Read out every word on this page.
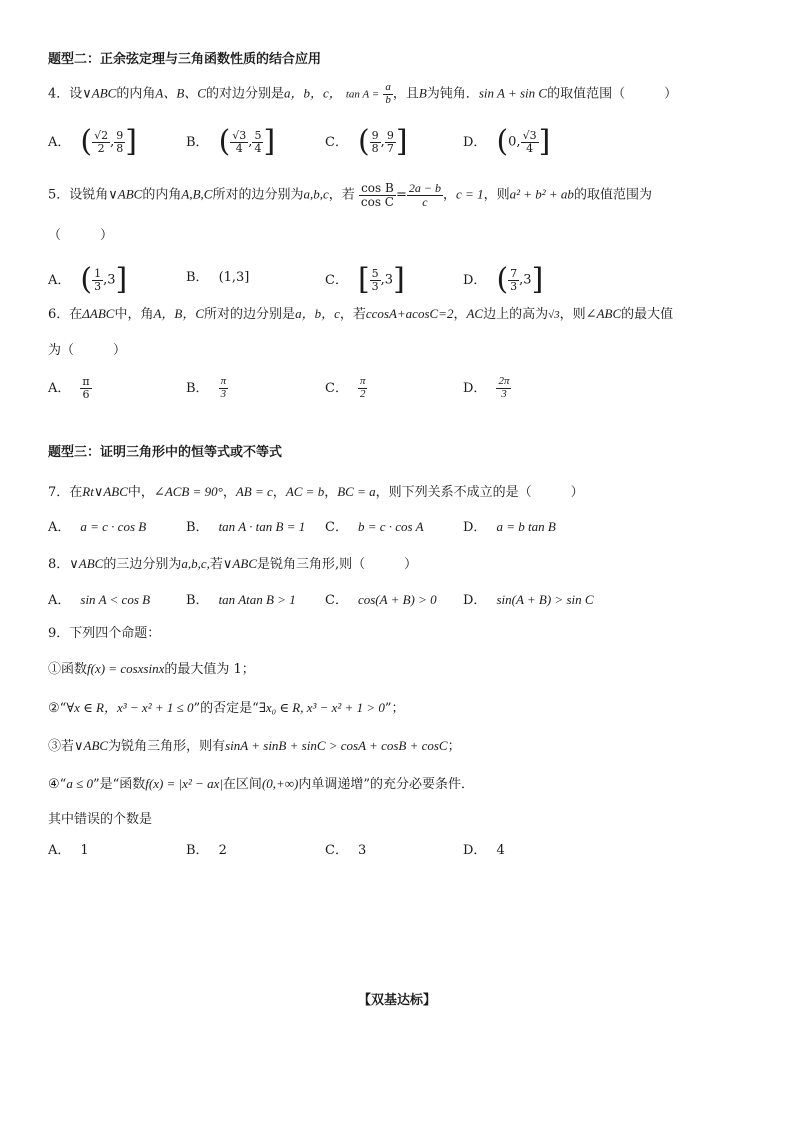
题型二：正余弦定理与三角函数性质的结合应用
4．设∨ABC的内角A、B、C的对边分别是a，b，c， $\tan A = \frac{a}{b}$ ，且B为钝角．sin A + sin C的取值范围（　　　）
A． ( $\frac{√2}{2}$ , $\frac{9}{8}$ ]	B． ( $\frac{√3}{4}$ , $\frac{5}{4}$ ]	C． ( $\frac{9}{8}$ , $\frac{9}{7}$ ]	D． (0, $\frac{√3}{4}$ ]
5．设锐角∨ABC的内角A,B,C所对的边分别为a,b,c，若 $\frac{\text{cos B}}{\text{cos C}} = \frac{2a - b}{c}$ ，c = 1，则a² + b² + ab的取值范围为
（　　　）
A． ( $\frac{1}{3} ,3$]	B． (1,3]	C． [ $\frac{5}{3} ,3$]	D． ( $\frac{7}{3} ,3$]
6．在ΔABC中，角A，B，C所对的边分别是a，b，c，若ccosA+acosC=2，AC边上的高为√3，则∠ABC的最大值
为（　　　）
A． $\frac{\pi}{6}$	B． $\frac{\pi}{3}$	C． $\frac{\pi}{2}$	D． $\frac{2\pi}{3}$
题型三：证明三角形中的恒等式或不等式
7．在Rt∨ABC中，∠ACB = 90°，AB = c，AC = b，BC = a，则下列关系不成立的是（　　　）
A． a = c · cos B	B． tan A · tan B = 1 C． b = c · cos A	D． a = b tan B
8．∨ABC的三边分别为a,b,c,若∨ABC是锐角三角形,则（　　　）
A． sin A < cos B	B． tan Atan B > 1 C． cos(A + B) > 0 D． sin(A + B) > sin C
9．下列四个命题：
①函数f(x) = cosxsinx的最大值为 1；
②“∀x ∈ R，x³ − x² + 1 ≤ 0”的否定是“∃x₀ ∈ R, x³ − x² + 1 > 0”；
③若∨ABC为锐角三角形，则有sinA + sinB + sinC > cosA + cosB + cosC；
④“a ≤ 0”是“函数f(x) = |x² − ax|在区间(0,+∞)内单调递增”的充分必要条件．
其中错误的个数是
A． 1	B． 2	C． 3	D． 4
【双基达标】
